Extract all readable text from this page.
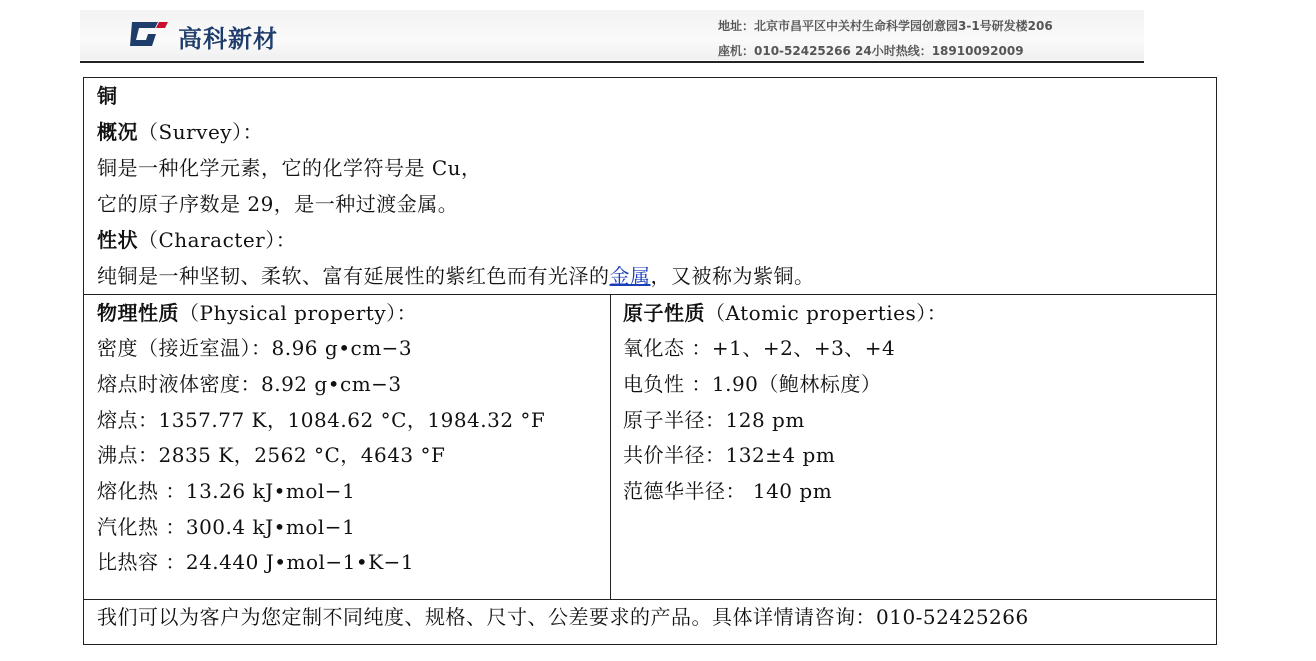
高科新材
	地址：北京市昌平区中关村生命科学园创意园3-1号研发楼206
座机：010-52425266 24小时热线：18910092009
铜
概况（Survey）：
铜是一种化学元素，它的化学符号是 Cu，
它的原子序数是 29，是一种过渡金属。
性状（Character）：
纯铜是一种坚韧、柔软、富有延展性的紫红色而有光泽的金属，又被称为紫铜。
物理性质（Physical property）：
密度（接近室温）：8.96 g•cm−3
熔点时液体密度：8.92 g•cm−3
熔点：1357.77 K，1084.62 °C，1984.32 °F
沸点：2835 K，2562 °C，4643 °F
熔化热 ：13.26 kJ•mol−1
汽化热 ：300.4 kJ•mol−1
比热容 ：24.440 J•mol−1•K−1
原子性质（Atomic properties）：
氧化态 ：+1、+2、+3、+4
电负性 ：1.90（鲍林标度）
原子半径：128 pm
共价半径：132±4 pm
范德华半径： 140 pm
我们可以为客户为您定制不同纯度、规格、尺寸、公差要求的产品。具体详情请咨询：010-52425266
